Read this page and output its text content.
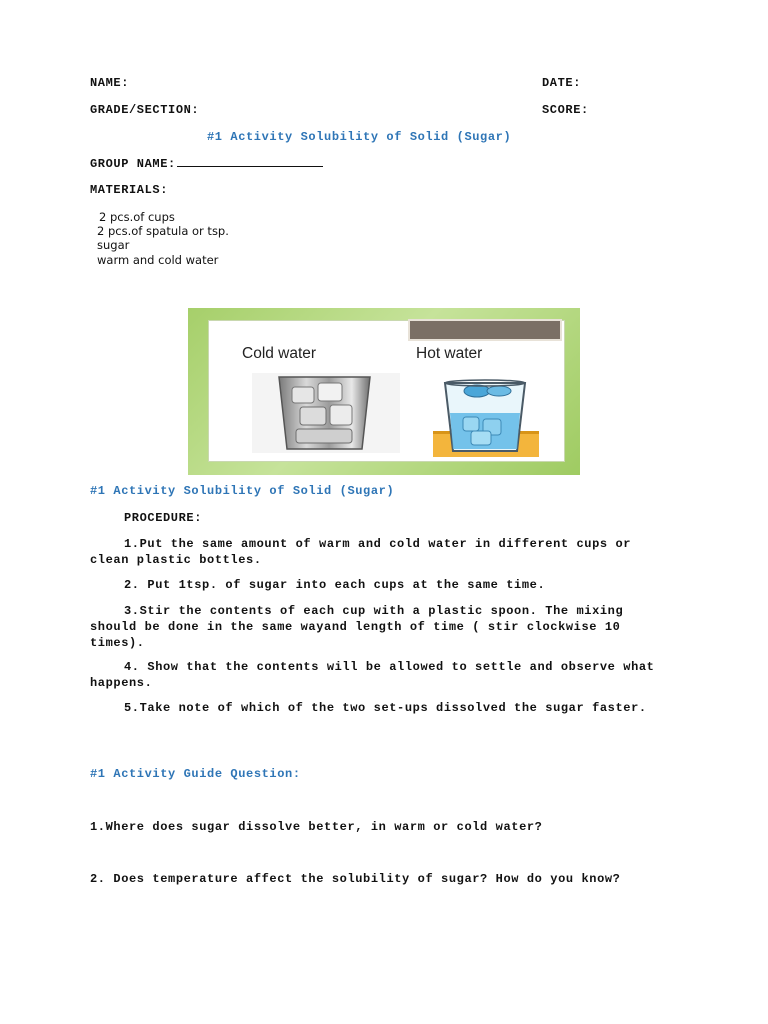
NAME:	DATE:
GRADE/SECTION:	SCORE:
#1 Activity Solubility of Solid (Sugar)
GROUP NAME:
MATERIALS:
2 pcs.of cups
2 pcs.of spatula or tsp.
sugar
warm and cold water
Cold water	Hot water
#1 Activity Solubility of Solid (Sugar)
PROCEDURE:
1.Put the same amount of warm and cold water in different cups or clean plastic bottles.
2. Put 1tsp. of sugar into each cups at the same time.
3.Stir the contents of each cup with a plastic spoon. The mixing should be done in the same wayand length of time ( stir clockwise 10 times).
4. Show that the contents will be allowed to settle and observe what happens.
5.Take note of which of the two set-ups dissolved the sugar faster.
#1 Activity Guide Question:
1.Where does sugar dissolve better, in warm or cold water?
2. Does temperature affect the solubility of sugar? How do you know?
